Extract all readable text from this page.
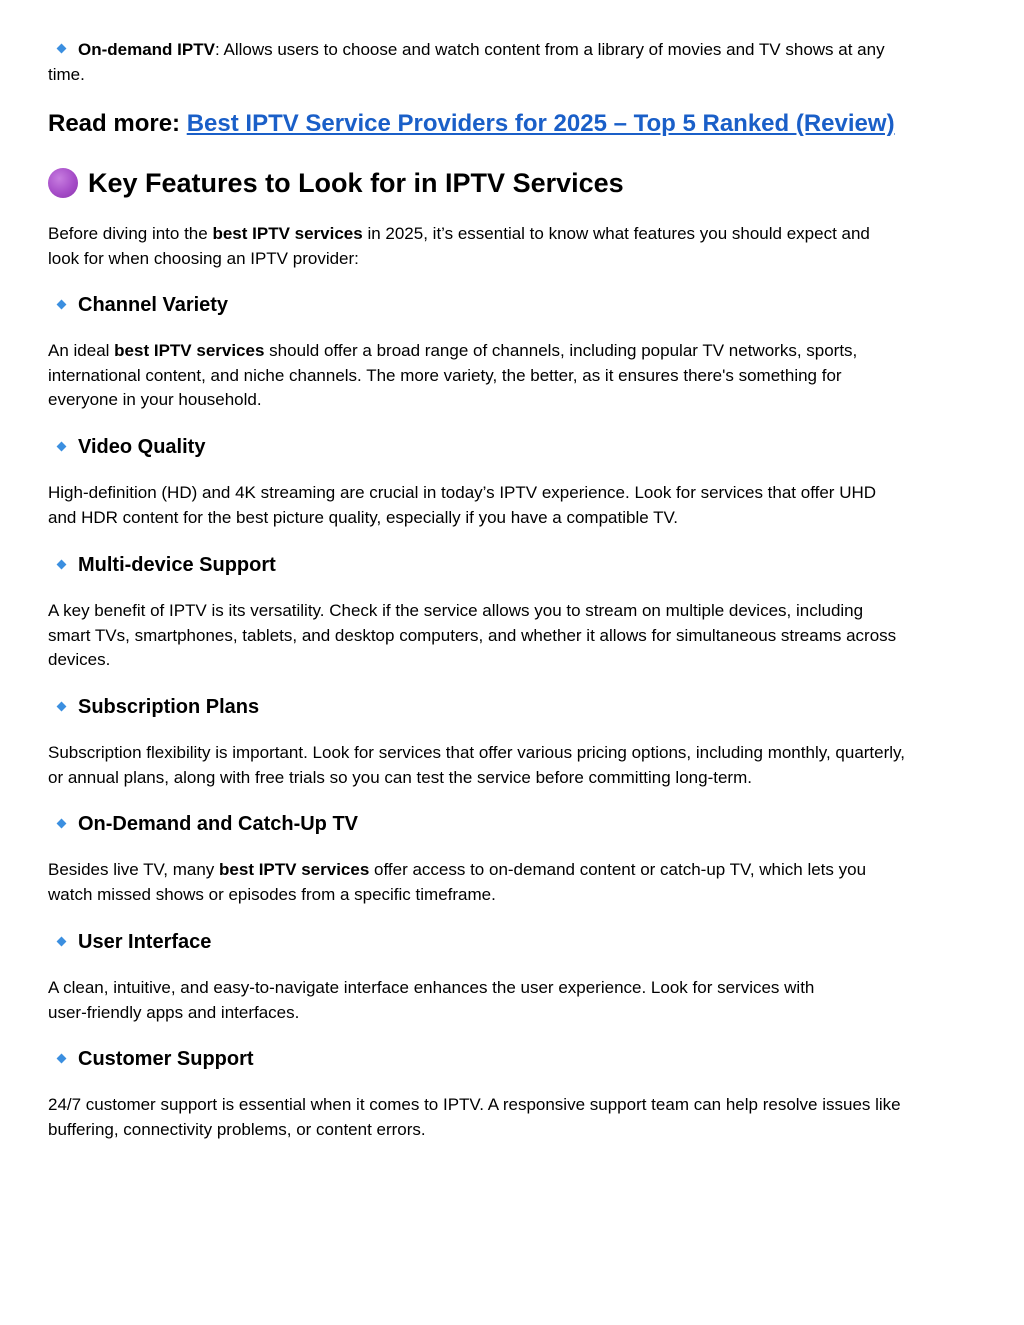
On-demand IPTV: Allows users to choose and watch content from a library of movies and TV shows at any
time.
Read more: Best IPTV Service Providers for 2025 – Top 5 Ranked (Review)
Key Features to Look for in IPTV Services
Before diving into the best IPTV services in 2025, it’s essential to know what features you should expect and
look for when choosing an IPTV provider:
Channel Variety
An ideal best IPTV services should offer a broad range of channels, including popular TV networks, sports,
international content, and niche channels. The more variety, the better, as it ensures there's something for
everyone in your household.
Video Quality
High-definition (HD) and 4K streaming are crucial in today’s IPTV experience. Look for services that offer UHD
and HDR content for the best picture quality, especially if you have a compatible TV.
Multi-device Support
A key benefit of IPTV is its versatility. Check if the service allows you to stream on multiple devices, including
smart TVs, smartphones, tablets, and desktop computers, and whether it allows for simultaneous streams across
devices.
Subscription Plans
Subscription flexibility is important. Look for services that offer various pricing options, including monthly, quarterly,
or annual plans, along with free trials so you can test the service before committing long-term.
On-Demand and Catch-Up TV
Besides live TV, many best IPTV services offer access to on-demand content or catch-up TV, which lets you
watch missed shows or episodes from a specific timeframe.
User Interface
A clean, intuitive, and easy-to-navigate interface enhances the user experience. Look for services with
user-friendly apps and interfaces.
Customer Support
24/7 customer support is essential when it comes to IPTV. A responsive support team can help resolve issues like
buffering, connectivity problems, or content errors.
